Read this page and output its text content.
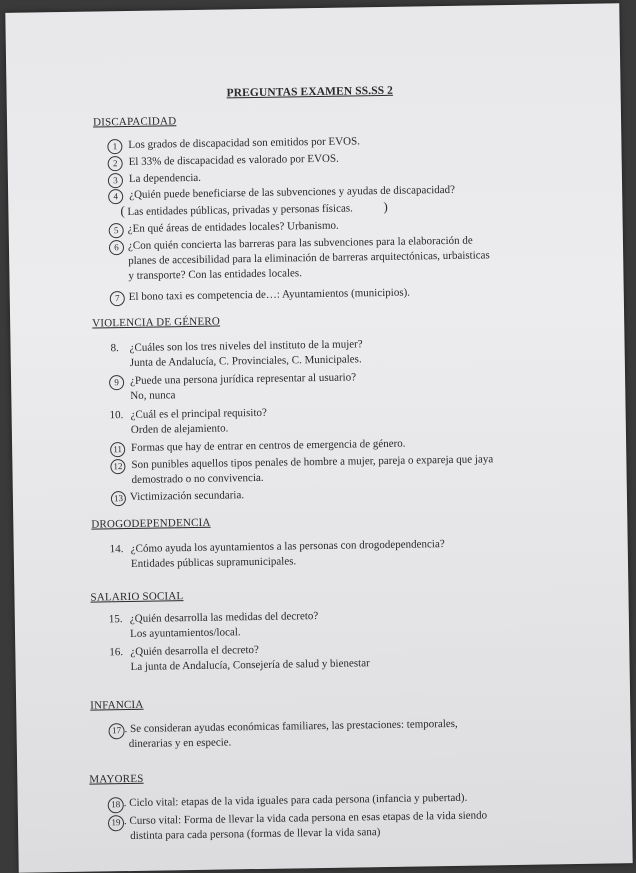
PREGUNTAS EXAMEN SS.SS 2
DISCAPACIDAD
1	Los grados de discapacidad son emitidos por EVOS.
2	El 33% de discapacidad es valorado por EVOS.
3	La dependencia.
4	¿Quién puede beneficiarse de las subvenciones y ayudas de discapacidad?
( Las entidades públicas, privadas y personas físicas. )
5 ¿En qué áreas de entidades locales? Urbanismo.
6 ¿Con quién concierta las barreras para las subvenciones para la elaboración de
planes de accesibilidad para la eliminación de barreras arquitectónicas, urbaisticas
y transporte? Con las entidades locales.
7 El bono taxi es competencia de…: Ayuntamientos (municipios).
VIOLENCIA DE GÉNERO
8. ¿Cuáles son los tres niveles del instituto de la mujer?
Junta de Andalucía, C. Provinciales, C. Municipales.
9	¿Puede una persona jurídica representar al usuario?
No, nunca
10. ¿Cuál es el principal requisito?
Orden de alejamiento.
11 Formas que hay de entrar en centros de emergencia de género.
12 Son punibles aquellos tipos penales de hombre a mujer, pareja o expareja que jaya
demostrado o no convivencia.
13 Victimización secundaria.
DROGODEPENDENCIA
14. ¿Cómo ayuda los ayuntamientos a las personas con drogodependencia?
Entidades públicas supramunicipales.
SALARIO SOCIAL
15. ¿Quién desarrolla las medidas del decreto?
Los ayuntamientos/local.
16. ¿Quién desarrolla el decreto?
La junta de Andalucía, Consejería de salud y bienestar
INFANCIA
17 . Se consideran ayudas económicas familiares, las prestaciones: temporales,
dinerarias y en especie.
MAYORES
18 . Ciclo vital: etapas de la vida iguales para cada persona (infancia y pubertad).
19 . Curso vital: Forma de llevar la vida cada persona en esas etapas de la vida siendo
distinta para cada persona (formas de llevar la vida sana)
